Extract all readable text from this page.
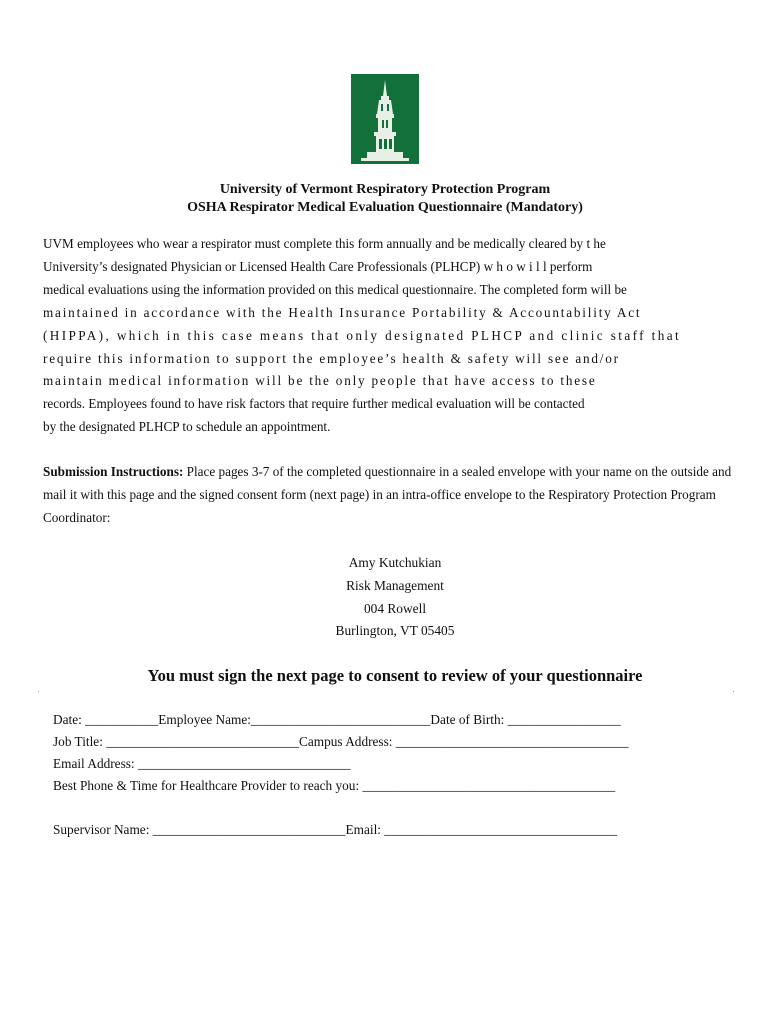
University of Vermont Respiratory Protection Program
OSHA Respirator Medical Evaluation Questionnaire (Mandatory)
UVM employees who wear a respirator must complete this form annually and be medically cleared by t he
University’s designated Physician or Licensed Health Care Professionals (PLHCP) w h o w i l l perform
medical evaluations using the information provided on this medical questionnaire. The completed form will be
maintained in accordance with the Health Insurance Portability & Accountability Act
(HIPPA), which in this case means that only designated PLHCP and clinic staff that
require this information to support the employee’s health & safety will see and/or
maintain medical information will be the only people that have access to these
records. Employees found to have risk factors that require further medical evaluation will be contacted
by the designated PLHCP to schedule an appointment.
Submission Instructions: Place pages 3-7 of the completed questionnaire in a sealed envelope with your name on the outside and mail it with this page and the signed consent form (next page) in an intra-office envelope to the Respiratory Protection Program Coordinator:
Amy Kutchukian
Risk Management
004 Rowell
Burlington, VT 05405
You must sign the next page to consent to review of your questionnaire
Date: ___________Employee Name:___________________________Date of Birth: _________________
Job Title: _____________________________Campus Address: ___________________________________
Email Address: ________________________________
Best Phone & Time for Healthcare Provider to reach you: ______________________________________
Supervisor Name: _____________________________Email: ___________________________________
